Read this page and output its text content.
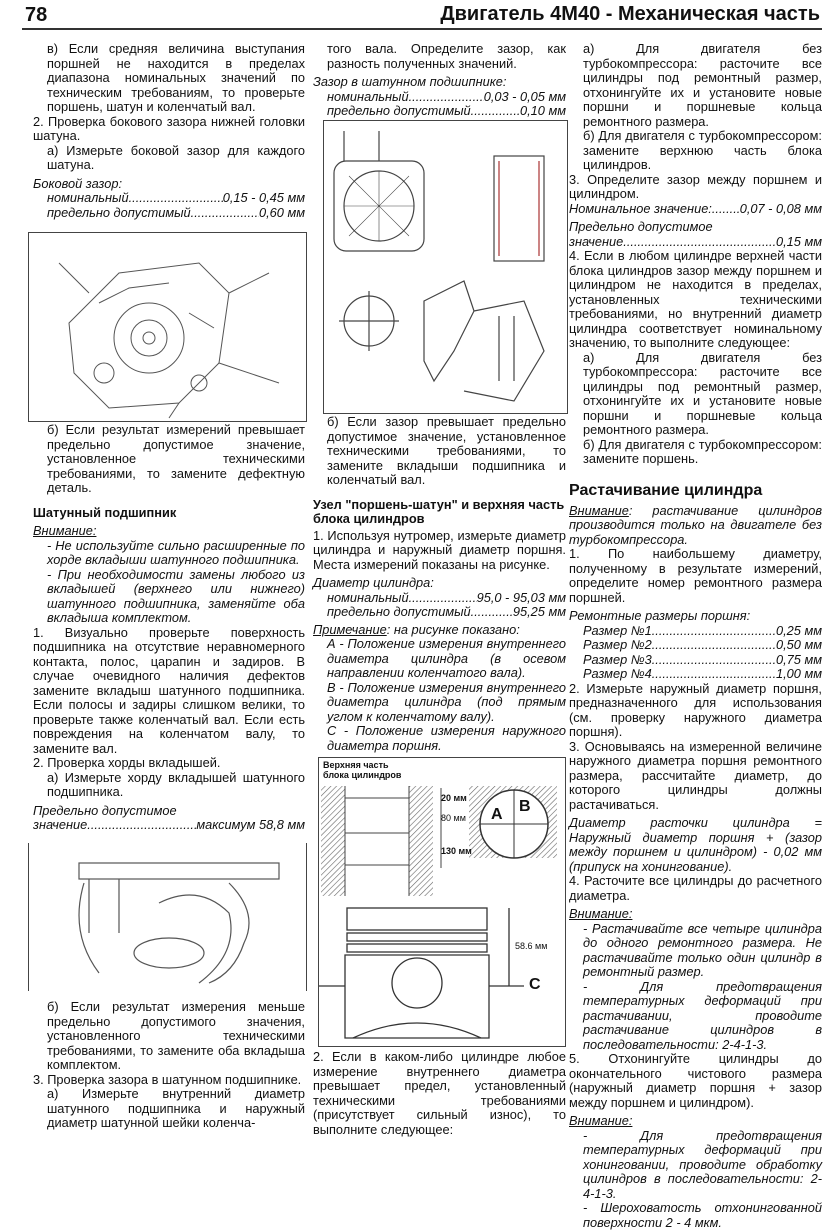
78	Двигатель 4M40 - Механическая часть
Верхняя часть блока цилиндров
20 мм
80 мм
130 мм
A B
58.6 мм
C
в) Если средняя величина выступания поршней не находится в пределах диапазона номинальных значений по техническим требованиям, то проверьте поршень, шатун и коленчатый вал.
2. Проверка бокового зазора нижней головки шатуна.
а) Измерьте боковой зазор для каждого шатуна.
Боковой зазор:
номинальный .....	0,15 - 0,45 мм
предельно допустимый .....	0,60 мм
б) Если результат измерений превышает предельно допустимое значение, установленное техническими требованиями, то замените дефектную деталь.
Шатунный подшипник
Внимание:
- Не используйте сильно расширенные по хорде вкладыши шатунного подшипника.
- При необходимости замены любого из вкладышей (верхнего или нижнего) шатунного подшипника, заменяйте оба вкладыша комплектом.
1. Визуально проверьте поверхность подшипника на отсутствие неравномерного контакта, полос, царапин и задиров. В случае очевидного наличия дефектов замените вкладыш шатунного подшипника. Если полосы и задиры слишком велики, то проверьте также коленчатый вал. Если есть повреждения на коленчатом валу, то замените вал.
2. Проверка хорды вкладышей.
а) Измерьте хорду вкладышей шатунного подшипника.
Предельно допустимое
значение .....	максимум 58,8 мм
б) Если результат измерения меньше предельно допустимого значения, установленного техническими требованиями, то замените оба вкладыша комплектом.
3. Проверка зазора в шатунном подшипнике.
а) Измерьте внутренний диаметр шатунного подшипника и наружный диаметр шатунной шейки коленча-
того вала. Определите зазор, как разность полученных значений.
Зазор в шатунном подшипнике:
номинальный .....	0,03 - 0,05 мм
предельно допустимый .....	0,10 мм
б) Если зазор превышает предельно допустимое значение, установленное техническими требованиями, то замените вкладыши подшипника и коленчатый вал.
Узел "поршень-шатун" и верхняя часть блока цилиндров
1. Используя нутромер, измерьте диаметр цилиндра и наружный диаметр поршня. Места измерений показаны на рисунке.
Диаметр цилиндра:
номинальный .....	95,0 - 95,03 мм
предельно допустимый .....	95,25 мм
Примечание: на рисунке показано:
А - Положение измерения внутреннего диаметра цилиндра (в осевом направлении коленчатого вала).
В - Положение измерения внутреннего диаметра цилиндра (под прямым углом к коленчатому валу).
С - Положение измерения наружного диаметра поршня.
2. Если в каком-либо цилиндре любое измерение внутреннего диаметра превышает предел, установленный техническими требованиями (присутствует сильный износ), то выполните следующее:
а) Для двигателя без турбокомпрессора: расточите все цилиндры под ремонтный размер, отхонингуйте их и установите новые поршни и поршневые кольца ремонтного размера.
б) Для двигателя с турбокомпрессором: замените верхнюю часть блока цилиндров.
3. Определите зазор между поршнем и цилиндром.
Номинальное значение: ..... 0,07 - 0,08 мм
Предельно допустимое
значение .....	0,15 мм
4. Если в любом цилиндре верхней части блока цилиндров зазор между поршнем и цилиндром не находится в пределах, установленных техническими требованиями, но внутренний диаметр цилиндра соответствует номинальному значению, то выполните следующее:
а) Для двигателя без турбокомпрессора: расточите все цилиндры под ремонтный размер, отхонингуйте их и установите новые поршни и поршневые кольца ремонтного размера.
б) Для двигателя с турбокомпрессором: замените поршень.
Растачивание цилиндра
Внимание: растачивание цилиндров производится только на двигателе без турбокомпрессора.
1. По наибольшему диаметру, полученному в результате измерений, определите номер ремонтного размера поршней.
Ремонтные размеры поршня:
Размер №1 .....	0,25 мм
Размер №2 .....	0,50 мм
Размер №3 .....	0,75 мм
Размер №4 .....	1,00 мм
2. Измерьте наружный диаметр поршня, предназначенного для использования (см. проверку наружного диаметра поршня).
3. Основываясь на измеренной величине наружного диаметра поршня ремонтного размера, рассчитайте диаметр, до которого цилиндры должны растачиваться.
Диаметр расточки цилиндра = Наружный диаметр поршня + (зазор между поршнем и цилиндром) - 0,02 мм (припуск на хонингование).
4. Расточите все цилиндры до расчетного диаметра.
Внимание:
- Растачивайте все четыре цилиндра до одного ремонтного размера. Не растачивайте только один цилиндр в ремонтный размер.
- Для предотвращения температурных деформаций при растачивании, проводите растачивание цилиндров в последовательности: 2-4-1-3.
5. Отхонингуйте цилиндры до окончательного чистового размера (наружный диаметр поршня + зазор между поршнем и цилиндром).
Внимание:
- Для предотвращения температурных деформаций при хонинговании, проводите обработку цилиндров в последовательности: 2-4-1-3.
- Шероховатость отхонингованной поверхности 2 - 4 мкм.
